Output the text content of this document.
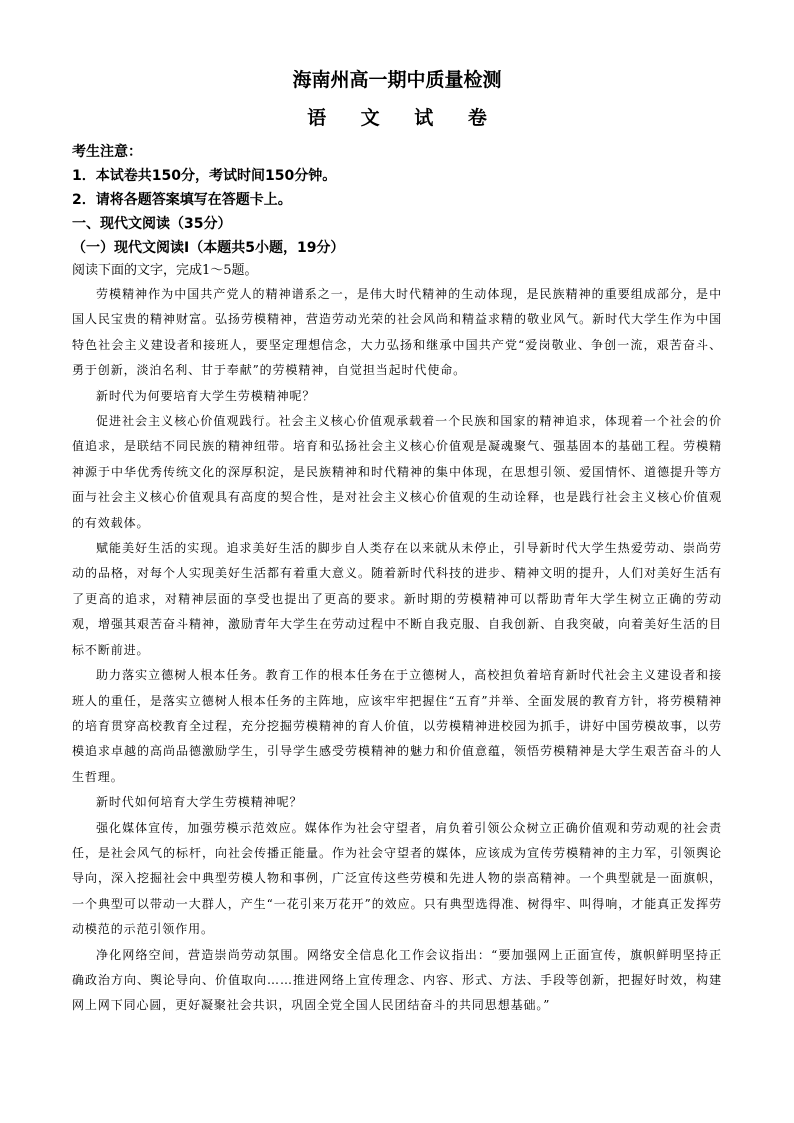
海南州高一期中质量检测
语 文 试 卷

考生注意：

1．本试卷共150分，考试时间150分钟。

2．请将各题答案填写在答题卡上。

一、现代文阅读（35分）

（一）现代文阅读Ⅰ（本题共5小题，19分）

阅读下面的文字，完成1～5题。

劳模精神作为中国共产党人的精神谱系之一，是伟大时代精神的生动体现，是民族精神的重要组成部分，是中国人民宝贵的精神财富。弘扬劳模精神，营造劳动光荣的社会风尚和精益求精的敬业风气。新时代大学生作为中国特色社会主义建设者和接班人，要坚定理想信念，大力弘扬和继承中国共产党“爱岗敬业、争创一流，艰苦奋斗、勇于创新，淡泊名利、甘于奉献”的劳模精神，自觉担当起时代使命。

新时代为何要培育大学生劳模精神呢？

促进社会主义核心价值观践行。社会主义核心价值观承载着一个民族和国家的精神追求，体现着一个社会的价值追求，是联结不同民族的精神纽带。培育和弘扬社会主义核心价值观是凝魂聚气、强基固本的基础工程。劳模精神源于中华优秀传统文化的深厚积淀，是民族精神和时代精神的集中体现，在思想引领、爱国情怀、道德提升等方面与社会主义核心价值观具有高度的契合性，是对社会主义核心价值观的生动诠释，也是践行社会主义核心价值观的有效载体。

赋能美好生活的实现。追求美好生活的脚步自人类存在以来就从未停止，引导新时代大学生热爱劳动、崇尚劳动的品格，对每个人实现美好生活都有着重大意义。随着新时代科技的进步、精神文明的提升，人们对美好生活有了更高的追求，对精神层面的享受也提出了更高的要求。新时期的劳模精神可以帮助青年大学生树立正确的劳动观，增强其艰苦奋斗精神，激励青年大学生在劳动过程中不断自我克服、自我创新、自我突破，向着美好生活的目标不断前进。

助力落实立德树人根本任务。教育工作的根本任务在于立德树人，高校担负着培育新时代社会主义建设者和接班人的重任，是落实立德树人根本任务的主阵地，应该牢牢把握住“五育”并举、全面发展的教育方针，将劳模精神的培育贯穿高校教育全过程，充分挖掘劳模精神的育人价值，以劳模精神进校园为抓手，讲好中国劳模故事，以劳模追求卓越的高尚品德激励学生，引导学生感受劳模精神的魅力和价值意蕴，领悟劳模精神是大学生艰苦奋斗的人生哲理。

新时代如何培育大学生劳模精神呢？

强化媒体宣传，加强劳模示范效应。媒体作为社会守望者，肩负着引领公众树立正确价值观和劳动观的社会责任，是社会风气的标杆，向社会传播正能量。作为社会守望者的媒体，应该成为宣传劳模精神的主力军，引领舆论导向，深入挖掘社会中典型劳模人物和事例，广泛宣传这些劳模和先进人物的崇高精神。一个典型就是一面旗帜，一个典型可以带动一大群人，产生“一花引来万花开”的效应。只有典型选得准、树得牢、叫得响，才能真正发挥劳动模范的示范引领作用。

净化网络空间，营造崇尚劳动氛围。网络安全信息化工作会议指出：“要加强网上正面宣传，旗帜鲜明坚持正确政治方向、舆论导向、价值取向……推进网络上宣传理念、内容、形式、方法、手段等创新，把握好时效，构建网上网下同心圆，更好凝聚社会共识，巩固全党全国人民团结奋斗的共同思想基础。”
